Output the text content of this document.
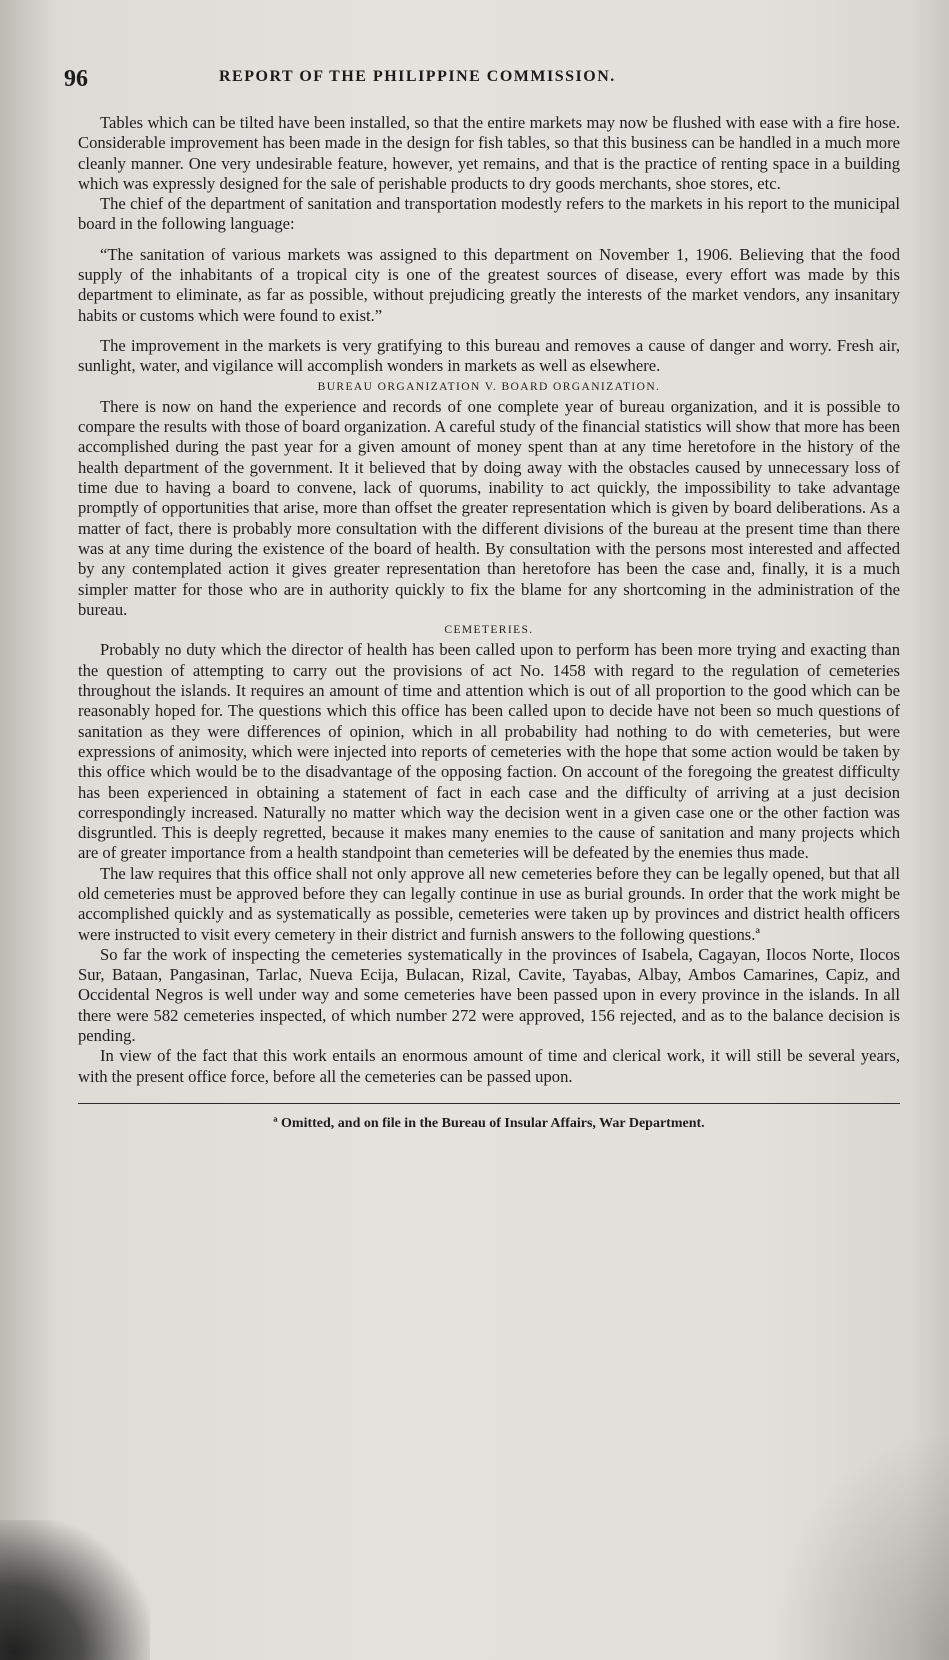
96	REPORT OF THE PHILIPPINE COMMISSION.

Tables which can be tilted have been installed, so that the entire markets may now be flushed with ease with a fire hose. Considerable improvement has been made in the design for fish tables, so that this business can be handled in a much more cleanly manner. One very undesirable feature, however, yet remains, and that is the practice of renting space in a building which was expressly designed for the sale of perishable products to dry goods merchants, shoe stores, etc.

The chief of the department of sanitation and transportation modestly refers to the markets in his report to the municipal board in the following language:

“The sanitation of various markets was assigned to this department on November 1, 1906. Believing that the food supply of the inhabitants of a tropical city is one of the greatest sources of disease, every effort was made by this department to eliminate, as far as possible, without prejudicing greatly the interests of the market vendors, any insanitary habits or customs which were found to exist.”

The improvement in the markets is very gratifying to this bureau and removes a cause of danger and worry. Fresh air, sunlight, water, and vigilance will accomplish wonders in markets as well as elsewhere.

BUREAU ORGANIZATION V. BOARD ORGANIZATION.

There is now on hand the experience and records of one complete year of bureau organization, and it is possible to compare the results with those of board organization. A careful study of the financial statistics will show that more has been accomplished during the past year for a given amount of money spent than at any time heretofore in the history of the health department of the government. It it believed that by doing away with the obstacles caused by unnecessary loss of time due to having a board to convene, lack of quorums, inability to act quickly, the impossibility to take advantage promptly of opportunities that arise, more than offset the greater representation which is given by board deliberations. As a matter of fact, there is probably more consultation with the different divisions of the bureau at the present time than there was at any time during the existence of the board of health. By consultation with the persons most interested and affected by any contemplated action it gives greater representation than heretofore has been the case and, finally, it is a much simpler matter for those who are in authority quickly to fix the blame for any shortcoming in the administration of the bureau.

CEMETERIES.

Probably no duty which the director of health has been called upon to perform has been more trying and exacting than the question of attempting to carry out the provisions of act No. 1458 with regard to the regulation of cemeteries throughout the islands. It requires an amount of time and attention which is out of all proportion to the good which can be reasonably hoped for. The questions which this office has been called upon to decide have not been so much questions of sanitation as they were differences of opinion, which in all probability had nothing to do with cemeteries, but were expressions of animosity, which were injected into reports of cemeteries with the hope that some action would be taken by this office which would be to the disadvantage of the opposing faction. On account of the foregoing the greatest difficulty has been experienced in obtaining a statement of fact in each case and the difficulty of arriving at a just decision correspondingly increased. Naturally no matter which way the decision went in a given case one or the other faction was disgruntled. This is deeply regretted, because it makes many enemies to the cause of sanitation and many projects which are of greater importance from a health standpoint than cemeteries will be defeated by the enemies thus made.

The law requires that this office shall not only approve all new cemeteries before they can be legally opened, but that all old cemeteries must be approved before they can legally continue in use as burial grounds. In order that the work might be accomplished quickly and as systematically as possible, cemeteries were taken up by provinces and district health officers were instructed to visit every cemetery in their district and furnish answers to the following questions.ª

So far the work of inspecting the cemeteries systematically in the provinces of Isabela, Cagayan, Ilocos Norte, Ilocos Sur, Bataan, Pangasinan, Tarlac, Nueva Ecija, Bulacan, Rizal, Cavite, Tayabas, Albay, Ambos Camarines, Capiz, and Occidental Negros is well under way and some cemeteries have been passed upon in every province in the islands. In all there were 582 cemeteries inspected, of which number 272 were approved, 156 rejected, and as to the balance decision is pending.

In view of the fact that this work entails an enormous amount of time and clerical work, it will still be several years, with the present office force, before all the cemeteries can be passed upon.

ª Omitted, and on file in the Bureau of Insular Affairs, War Department.
